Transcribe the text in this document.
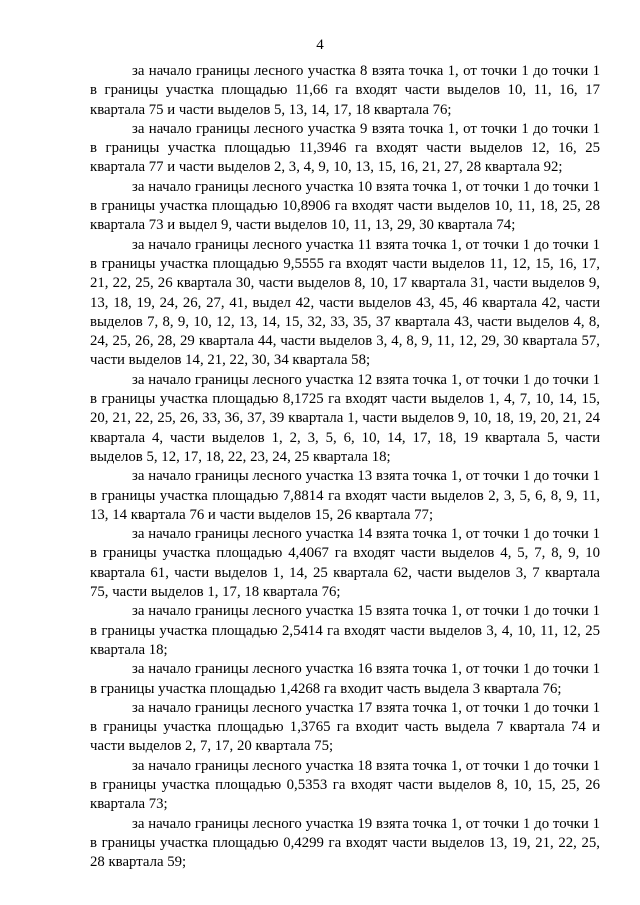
4

за начало границы лесного участка 8 взята точка 1, от точки 1 до точки 1 в границы участка площадью 11,66 га входят части выделов 10, 11, 16, 17 квартала 75 и части выделов 5, 13, 14, 17, 18 квартала 76;

за начало границы лесного участка 9 взята точка 1, от точки 1 до точки 1 в границы участка площадью 11,3946 га входят части выделов 12, 16, 25 квартала 77 и части выделов 2, 3, 4, 9, 10, 13, 15, 16, 21, 27, 28 квартала 92;

за начало границы лесного участка 10 взята точка 1, от точки 1 до точки 1 в границы участка площадью 10,8906 га входят части выделов 10, 11, 18, 25, 28 квартала 73 и выдел 9, части выделов 10, 11, 13, 29, 30 квартала 74;

за начало границы лесного участка 11 взята точка 1, от точки 1 до точки 1 в границы участка площадью 9,5555 га входят части выделов 11, 12, 15, 16, 17, 21, 22, 25, 26 квартала 30, части выделов 8, 10, 17 квартала 31, части выделов 9, 13, 18, 19, 24, 26, 27, 41, выдел 42, части выделов 43, 45, 46 квартала 42, части выделов 7, 8, 9, 10, 12, 13, 14, 15, 32, 33, 35, 37 квартала 43, части выделов 4, 8, 24, 25, 26, 28, 29 квартала 44, части выделов 3, 4, 8, 9, 11, 12, 29, 30 квартала 57, части выделов 14, 21, 22, 30, 34 квартала 58;

за начало границы лесного участка 12 взята точка 1, от точки 1 до точки 1 в границы участка площадью 8,1725 га входят части выделов 1, 4, 7, 10, 14, 15, 20, 21, 22, 25, 26, 33, 36, 37, 39 квартала 1, части выделов 9, 10, 18, 19, 20, 21, 24 квартала 4, части выделов 1, 2, 3, 5, 6, 10, 14, 17, 18, 19 квартала 5, части выделов 5, 12, 17, 18, 22, 23, 24, 25 квартала 18;

за начало границы лесного участка 13 взята точка 1, от точки 1 до точки 1 в границы участка площадью 7,8814 га входят части выделов 2, 3, 5, 6, 8, 9, 11, 13, 14 квартала 76 и части выделов 15, 26 квартала 77;

за начало границы лесного участка 14 взята точка 1, от точки 1 до точки 1 в границы участка площадью 4,4067 га входят части выделов 4, 5, 7, 8, 9, 10 квартала 61, части выделов 1, 14, 25 квартала 62, части выделов 3, 7 квартала 75, части выделов 1, 17, 18 квартала 76;

за начало границы лесного участка 15 взята точка 1, от точки 1 до точки 1 в границы участка площадью 2,5414 га входят части выделов 3, 4, 10, 11, 12, 25 квартала 18;

за начало границы лесного участка 16 взята точка 1, от точки 1 до точки 1 в границы участка площадью 1,4268 га входит часть выдела 3 квартала 76;

за начало границы лесного участка 17 взята точка 1, от точки 1 до точки 1 в границы участка площадью 1,3765 га входит часть выдела 7 квартала 74 и части выделов 2, 7, 17, 20 квартала 75;

за начало границы лесного участка 18 взята точка 1, от точки 1 до точки 1 в границы участка площадью 0,5353 га входят части выделов 8, 10, 15, 25, 26 квартала 73;

за начало границы лесного участка 19 взята точка 1, от точки 1 до точки 1 в границы участка площадью 0,4299 га входят части выделов 13, 19, 21, 22, 25, 28 квартала 59;
